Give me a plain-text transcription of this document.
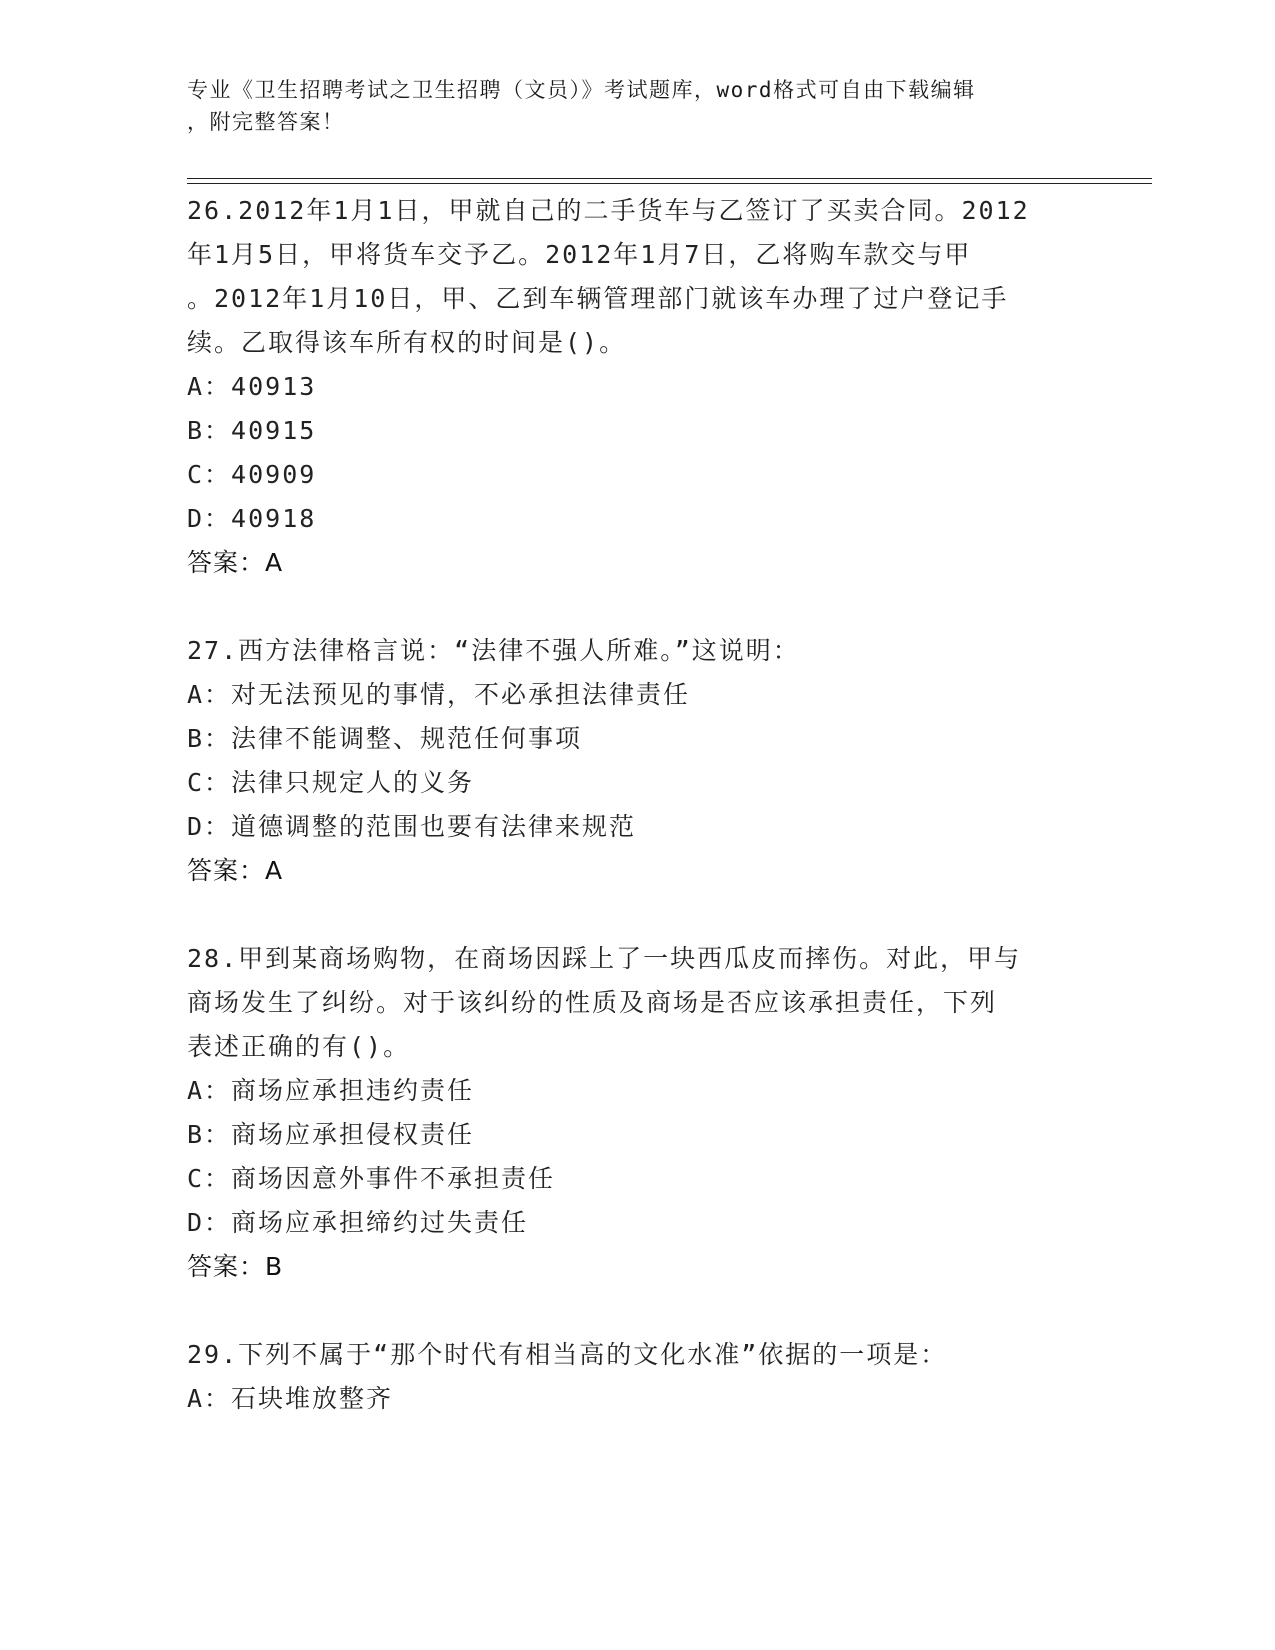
专业《卫生招聘考试之卫生招聘（文员）》考试题库，word格式可自由下载编辑
，附完整答案！
26.2012年1月1日，甲就自己的二手货车与乙签订了买卖合同。2012
年1月5日，甲将货车交予乙。2012年1月7日，乙将购车款交与甲
。2012年1月10日，甲、乙到车辆管理部门就该车办理了过户登记手
续。乙取得该车所有权的时间是()。
A：40913
B：40915
C：40909
D：40918
答案：A
27.西方法律格言说：“法律不强人所难。”这说明：
A：对无法预见的事情，不必承担法律责任
B：法律不能调整、规范任何事项
C：法律只规定人的义务
D：道德调整的范围也要有法律来规范
答案：A
28.甲到某商场购物，在商场因踩上了一块西瓜皮而摔伤。对此，甲与
商场发生了纠纷。对于该纠纷的性质及商场是否应该承担责任，下列
表述正确的有()。
A：商场应承担违约责任
B：商场应承担侵权责任
C：商场因意外事件不承担责任
D：商场应承担缔约过失责任
答案：B
29.下列不属于“那个时代有相当高的文化水准”依据的一项是：
A：石块堆放整齐
